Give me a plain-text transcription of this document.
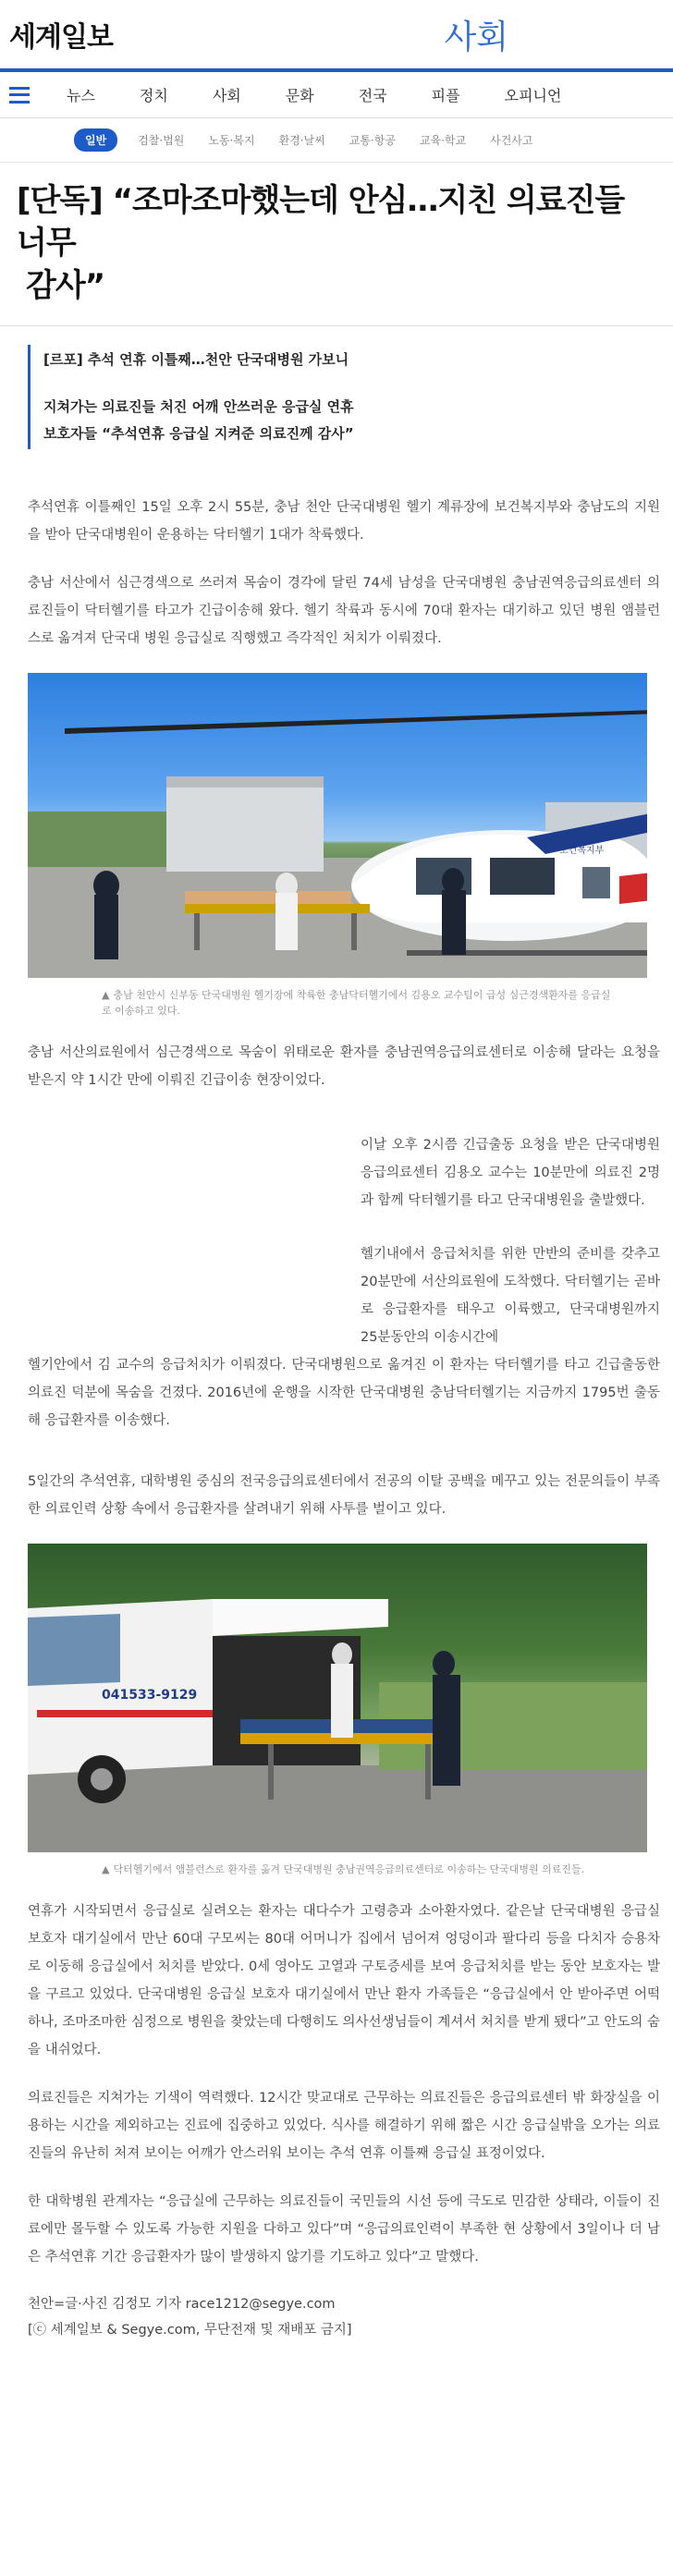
세계일보	사회
뉴스	정치	사회	문화	전국	피플	오피니언
일반	검찰·법원 노동·복지 환경·날씨 교통·항공 교육·학교 사건사고
[단독] “조마조마했는데 안심…지친 의료진들 너무
감사”
[르포] 추석 연휴 이틀째…천안 단국대병원 가보니
지쳐가는 의료진들 처진 어깨 안쓰러운 응급실 연휴
보호자들 “추석연휴 응급실 지켜준 의료진께 감사”

추석연휴 이틀째인 15일 오후 2시 55분, 충남 천안 단국대병원 헬기 계류장에 보건복지부와 충남도의 지원을 받아 단국대병원이 운용하는 닥터헬기 1대가 착륙했다.

충남 서산에서 심근경색으로 쓰러져 목숨이 경각에 달린 74세 남성을 단국대병원 충남권역응급의료센터 의료진들이 닥터헬기를 타고가 긴급이송해 왔다. 헬기 착륙과 동시에 70대 환자는 대기하고 있던 병원 앰블런스로 옮겨져 단국대 병원 응급실로 직행했고 즉각적인 처치가 이뤄졌다.

보건복지부
▲ 충남 천안시 신부동 단국대병원 헬기장에 착륙한 충남닥터헬기에서 김용오 교수팀이 급성 심근경색환자를 응급실로 이송하고 있다.

충남 서산의료원에서 심근경색으로 목숨이 위태로운 환자를 충남권역응급의료센터로 이송해 달라는 요청을 받은지 약 1시간 만에 이뤄진 긴급이송 현장이었다.

이날 오후 2시쯤 긴급출동 요청을 받은 단국대병원 응급의료센터 김용오 교수는 10분만에 의료진 2명과 함께 닥터헬기를 타고 단국대병원을 출발했다.

헬기내에서 응급처치를 위한 만반의 준비를 갖추고 20분만에 서산의료원에 도착했다. 닥터헬기는 곧바로 응급환자를 태우고 이륙했고, 단국대병원까지 25분동안의 이송시간에

헬기안에서 김 교수의 응급처치가 이뤄졌다. 단국대병원으로 옮겨진 이 환자는 닥터헬기를 타고 긴급출동한 의료진 덕분에 목숨을 건졌다. 2016년에 운행을 시작한 단국대병원 충남닥터헬기는 지금까지 1795번 출동해 응급환자를 이송했다.

5일간의 추석연휴, 대학병원 중심의 전국응급의료센터에서 전공의 이탈 공백을 메꾸고 있는 전문의들이 부족한 의료인력 상황 속에서 응급환자를 살려내기 위해 사투를 벌이고 있다.

041533-9129
▲ 닥터헬기에서 앰블런스로 환자를 옮겨 단국대병원 충남권역응급의료센터로 이송하는 단국대병원 의료진들.

연휴가 시작되면서 응급실로 실려오는 환자는 대다수가 고령층과 소아환자였다. 같은날 단국대병원 응급실 보호자 대기실에서 만난 60대 구모씨는 80대 어머니가 집에서 넘어져 엉덩이과 팔다리 등을 다치자 승용차로 이동해 응급실에서 처치를 받았다. 0세 영아도 고열과 구토증세를 보여 응급처치를 받는 동안 보호자는 발을 구르고 있었다. 단국대병원 응급실 보호자 대기실에서 만난 환자 가족들은 “응급실에서 안 받아주면 어떡하나, 조마조마한 심정으로 병원을 찾았는데 다행히도 의사선생님들이 계셔서 처치를 받게 됐다”고 안도의 숨을 내쉬었다.

의료진들은 지쳐가는 기색이 역력했다. 12시간 맞교대로 근무하는 의료진들은 응급의료센터 밖 화장실을 이용하는 시간을 제외하고는 진료에 집중하고 있었다. 식사를 해결하기 위해 짧은 시간 응급실밖을 오가는 의료진들의 유난히 처져 보이는 어깨가 안스러워 보이는 추석 연휴 이틀째 응급실 표정이었다.

한 대학병원 관계자는 “응급실에 근무하는 의료진들이 국민들의 시선 등에 극도로 민감한 상태라, 이들이 진료에만 몰두할 수 있도록 가능한 지원을 다하고 있다”며 “응급의료인력이 부족한 현 상황에서 3일이나 더 남은 추석연휴 기간 응급환자가 많이 발생하지 않기를 기도하고 있다”고 말했다.

천안=글·사진 김정모 기자 race1212@segye.com
[ⓒ 세계일보 & Segye.com, 무단전재 및 재배포 금지]
